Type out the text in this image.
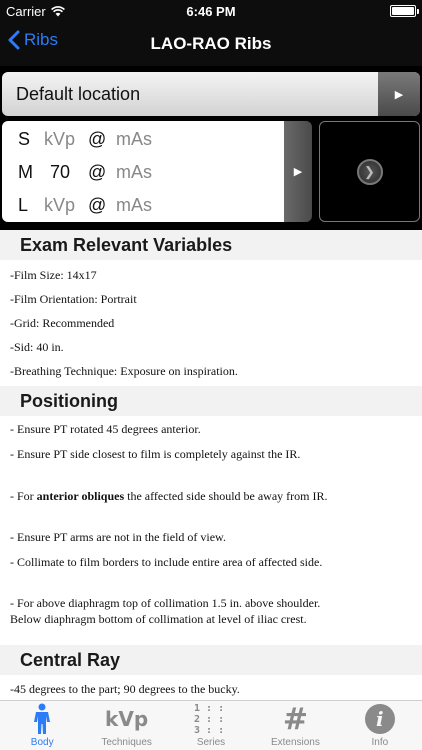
Carrier	6:46 PM
Ribs	LAO-RAO Ribs
Default location	▶
S kVp @ mAs
M 70 @ mAs
L kVp @ mAs
▶	❯
Exam Relevant Variables

-Film Size: 14x17

-Film Orientation: Portrait

-Grid: Recommended

-Sid: 40 in.

-Breathing Technique: Exposure on inspiration.

Positioning

- Ensure PT rotated 45 degrees anterior.

- Ensure PT side closest to film is completely against the IR.

- For anterior obliques the affected side should be away from IR.

- Ensure PT arms are not in the field of view.

- Collimate to film borders to include entire area of affected side.

- For above diaphragm top of collimation 1.5 in. above shoulder.

Below diaphragm bottom of collimation at level of iliac crest.

Central Ray

-45 degrees to the part; 90 degrees to the bucky.

Body
kVp
Techniques
1 : : 2 : : 3 : :
Series
#
Extensions
i
Info
